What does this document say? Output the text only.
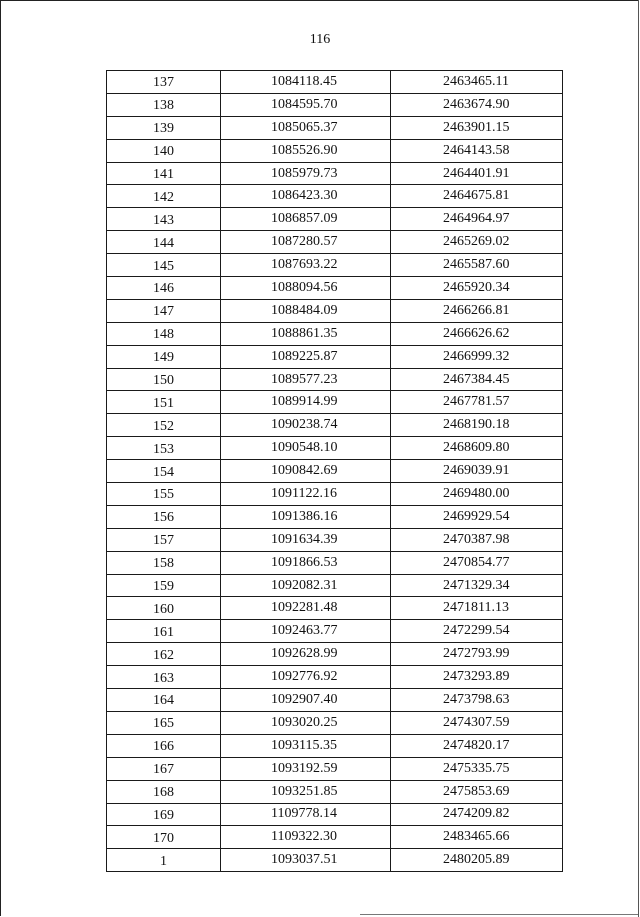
116
137	1084118.45	2463465.11
138	1084595.70	2463674.90
139	1085065.37	2463901.15
140	1085526.90	2464143.58
141	1085979.73	2464401.91
142	1086423.30	2464675.81
143	1086857.09	2464964.97
144	1087280.57	2465269.02
145	1087693.22	2465587.60
146	1088094.56	2465920.34
147	1088484.09	2466266.81
148	1088861.35	2466626.62
149	1089225.87	2466999.32
150	1089577.23	2467384.45
151	1089914.99	2467781.57
152	1090238.74	2468190.18
153	1090548.10	2468609.80
154	1090842.69	2469039.91
155	1091122.16	2469480.00
156	1091386.16	2469929.54
157	1091634.39	2470387.98
158	1091866.53	2470854.77
159	1092082.31	2471329.34
160	1092281.48	2471811.13
161	1092463.77	2472299.54
162	1092628.99	2472793.99
163	1092776.92	2473293.89
164	1092907.40	2473798.63
165	1093020.25	2474307.59
166	1093115.35	2474820.17
167	1093192.59	2475335.75
168	1093251.85	2475853.69
169	1109778.14	2474209.82
170	1109322.30	2483465.66
1	1093037.51	2480205.89
